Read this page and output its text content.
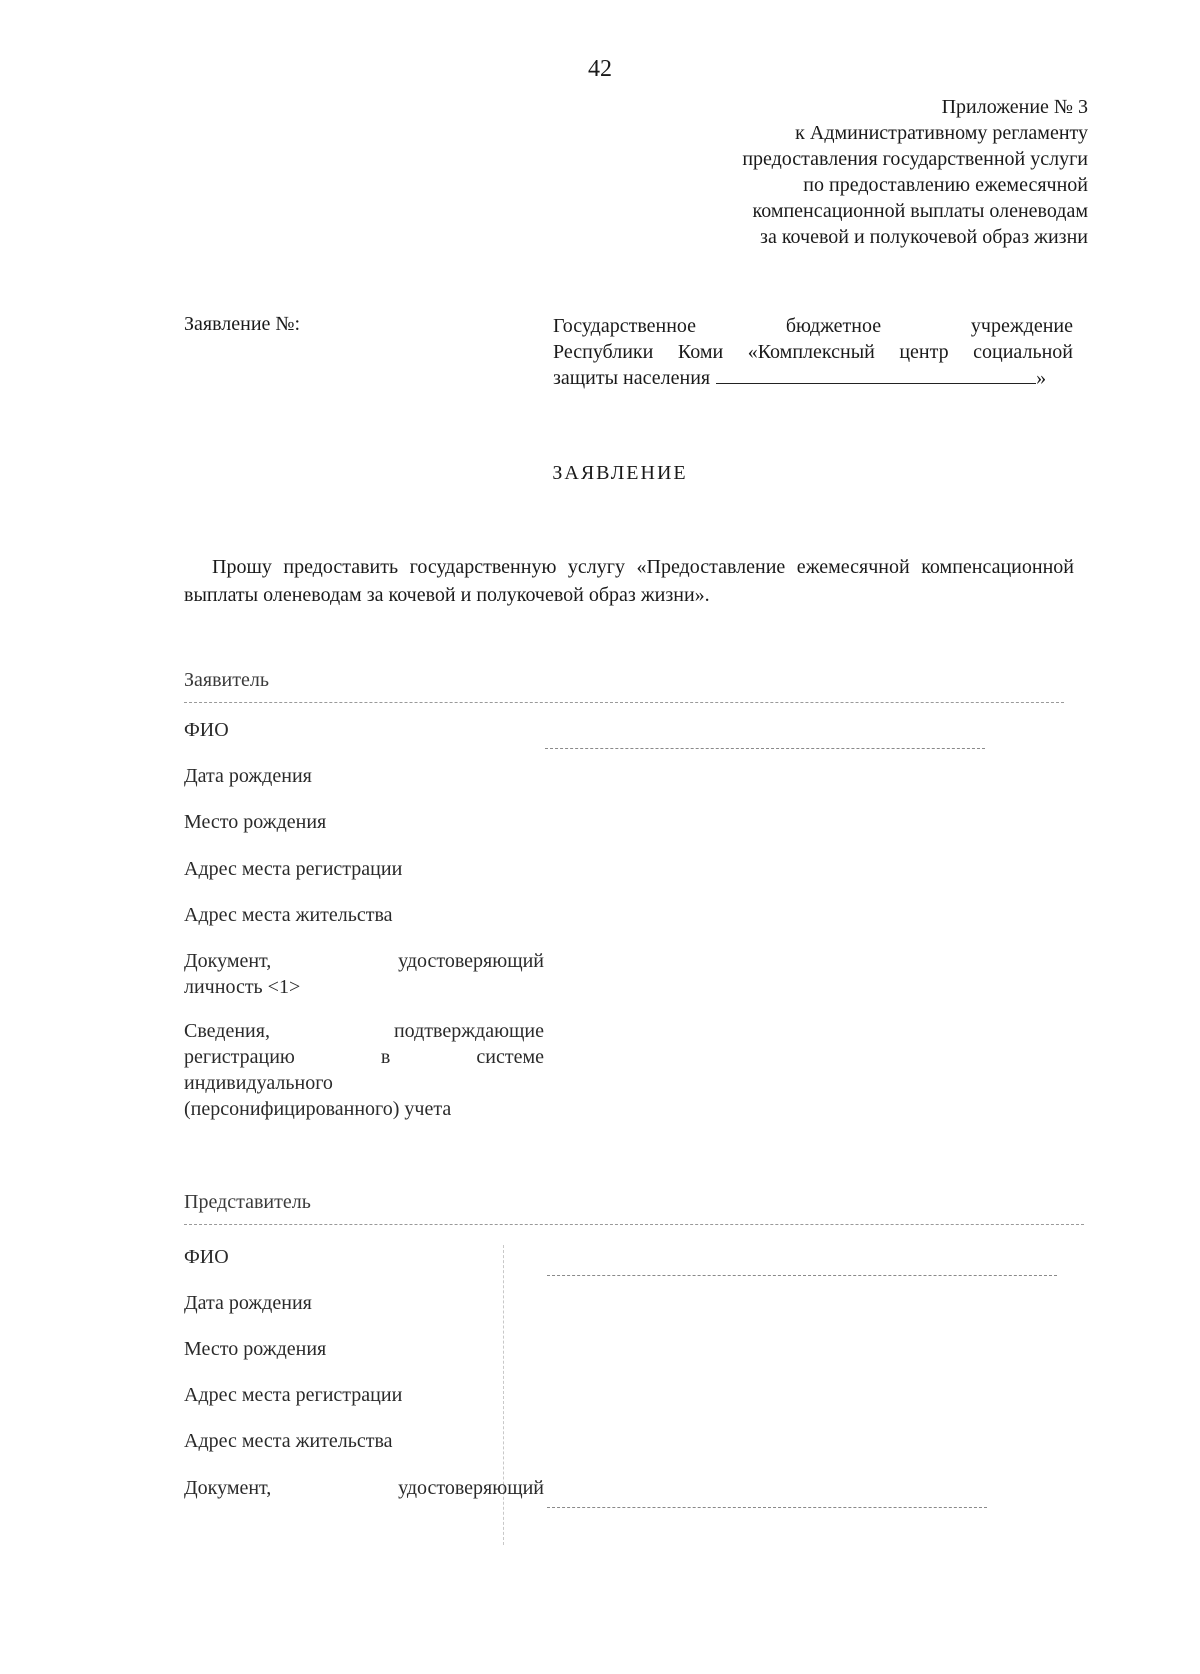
42
Приложение № 3
к Административному регламенту
предоставления государственной услуги
по предоставлению ежемесячной
компенсационной выплаты оленеводам
за кочевой и полукочевой образ жизни
Заявление №:	Государственное бюджетное учреждение
Республики Коми «Комплексный центр социальной
защиты населения	»
ЗАЯВЛЕНИЕ
Прошу предоставить государственную услугу «Предоставление ежемесячной компенсационной выплаты оленеводам за кочевой и полукочевой образ жизни».
Заявитель
ФИО
Дата рождения
Место рождения
Адрес места регистрации
Адрес места жительства
Документ, удостоверяющий
личность <1>
Сведения, подтверждающие
регистрацию в системе
индивидуального (персонифицированного) учета
Представитель
ФИО
Дата рождения
Место рождения
Адрес места регистрации
Адрес места жительства
Документ, удостоверяющий
